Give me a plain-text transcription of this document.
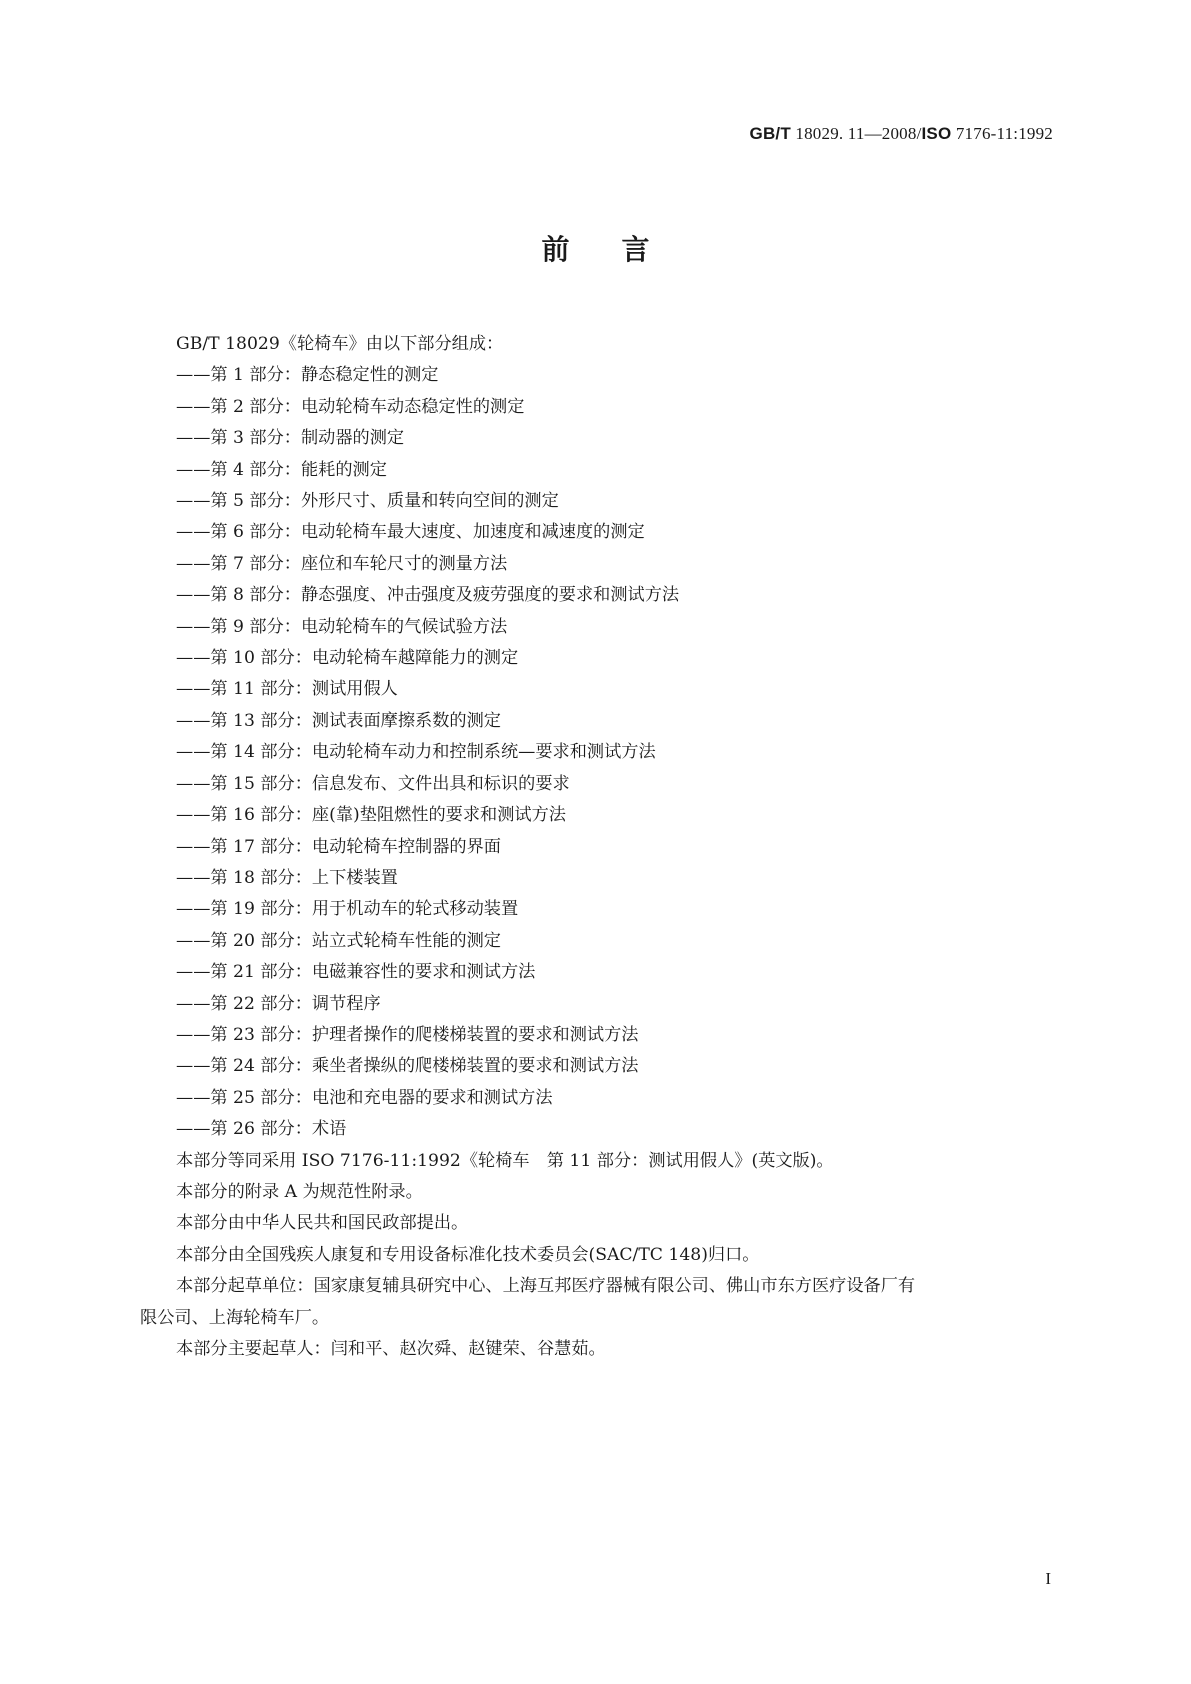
GB/T 18029. 11—2008/ISO 7176-11:1992
前言
GB/T 18029《轮椅车》由以下部分组成：
——第 1 部分：静态稳定性的测定
——第 2 部分：电动轮椅车动态稳定性的测定
——第 3 部分：制动器的测定
——第 4 部分：能耗的测定
——第 5 部分：外形尺寸、质量和转向空间的测定
——第 6 部分：电动轮椅车最大速度、加速度和减速度的测定
——第 7 部分：座位和车轮尺寸的测量方法
——第 8 部分：静态强度、冲击强度及疲劳强度的要求和测试方法
——第 9 部分：电动轮椅车的气候试验方法
——第 10 部分：电动轮椅车越障能力的测定
——第 11 部分：测试用假人
——第 13 部分：测试表面摩擦系数的测定
——第 14 部分：电动轮椅车动力和控制系统—要求和测试方法
——第 15 部分：信息发布、文件出具和标识的要求
——第 16 部分：座(靠)垫阻燃性的要求和测试方法
——第 17 部分：电动轮椅车控制器的界面
——第 18 部分：上下楼装置
——第 19 部分：用于机动车的轮式移动装置
——第 20 部分：站立式轮椅车性能的测定
——第 21 部分：电磁兼容性的要求和测试方法
——第 22 部分：调节程序
——第 23 部分：护理者操作的爬楼梯装置的要求和测试方法
——第 24 部分：乘坐者操纵的爬楼梯装置的要求和测试方法
——第 25 部分：电池和充电器的要求和测试方法
——第 26 部分：术语
本部分等同采用 ISO 7176-11:1992《轮椅车　第 11 部分：测试用假人》(英文版)。
本部分的附录 A 为规范性附录。
本部分由中华人民共和国民政部提出。
本部分由全国残疾人康复和专用设备标准化技术委员会(SAC/TC 148)归口。
本部分起草单位：国家康复辅具研究中心、上海互邦医疗器械有限公司、佛山市东方医疗设备厂有
限公司、上海轮椅车厂。
本部分主要起草人：闫和平、赵次舜、赵键荣、谷慧茹。
I
